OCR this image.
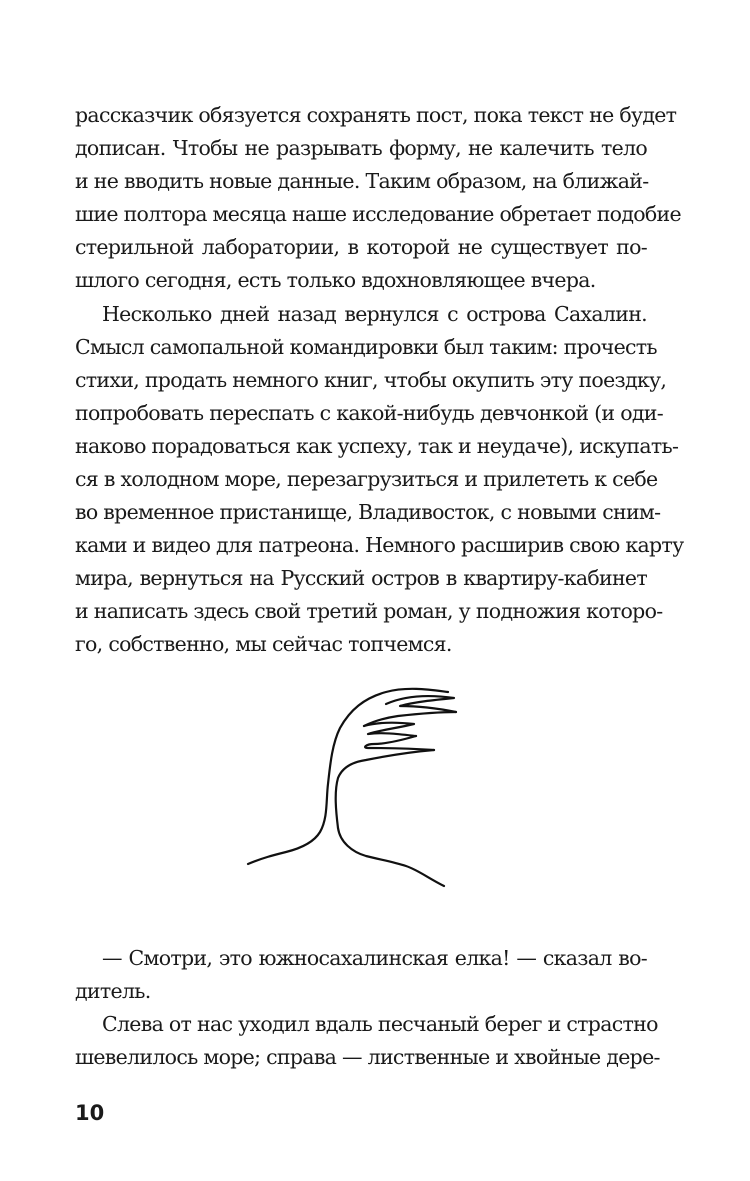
рассказчик обязуется сохранять пост, пока текст не будет

дописан. Чтобы не разрывать форму, не калечить тело

и не вводить новые данные. Таким образом, на ближай-

шие полтора месяца наше исследование обретает подобие

стерильной лаборатории, в которой не существует по-

шлого сегодня, есть только вдохновляющее вчера.

Несколько дней назад вернулся с острова Сахалин.

Смысл самопальной командировки был таким: прочесть

стихи, продать немного книг, чтобы окупить эту поездку,

попробовать переспать с какой-нибудь девчонкой (и оди-

наково порадоваться как успеху, так и неудаче), искупать-

ся в холодном море, перезагрузиться и прилететь к себе

во временное пристанище, Владивосток, с новыми сним-

ками и видео для патреона. Немного расширив свою карту

мира, вернуться на Русский остров в квартиру-кабинет

и написать здесь свой третий роман, у подножия которо-

го, собственно, мы сейчас топчемся.

— Смотри, это южносахалинская елка! — сказал во-

дитель.

Слева от нас уходил вдаль песчаный берег и страстно

шевелилось море; справа — лиственные и хвойные дере-

10
